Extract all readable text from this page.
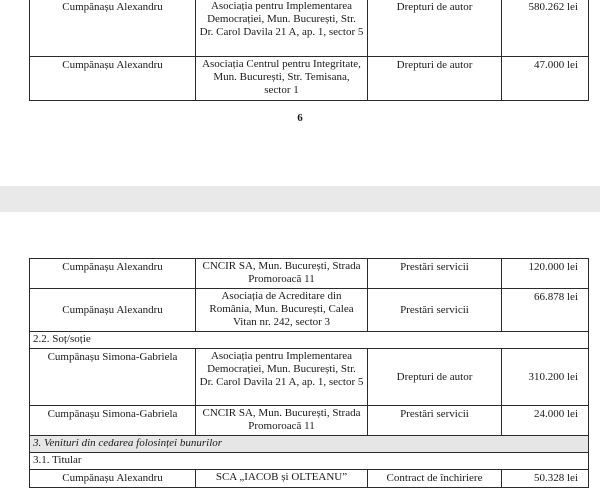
Cumpănașu Alexandru	Asociația pentru Implementarea Democrației, Mun. București, Str. Dr. Carol Davila 21 A, ap. 1, sector 5	Drepturi de autor	580.262 lei
Cumpănașu Alexandru	Asociația Centrul pentru Integritate, Mun. București, Str. Temisana, sector 1	Drepturi de autor	47.000 lei
6
Cumpănașu Alexandru	CNCIR SA, Mun. București, Strada Promoroacă 11	Prestări servicii	120.000 lei
Cumpănașu Alexandru	Asociația de Acreditare din România, Mun. București, Calea Vitan nr. 242, sector 3	Prestări servicii	66.878 lei
2.2. Soț/soție			
Cumpănașu Simona-Gabriela	Asociația pentru Implementarea Democrației, Mun. București, Str. Dr. Carol Davila 21 A, ap. 1, sector 5	Drepturi de autor	310.200 lei
Cumpănașu Simona-Gabriela	CNCIR SA, Mun. București, Strada Promoroacă 11	Prestări servicii	24.000 lei
3. Venituri din cedarea folosinței bunurilor			
3.1. Titular			
Cumpănașu Alexandru	SCA „IACOB și OLTEANU”	Contract de închiriere	50.328 lei
